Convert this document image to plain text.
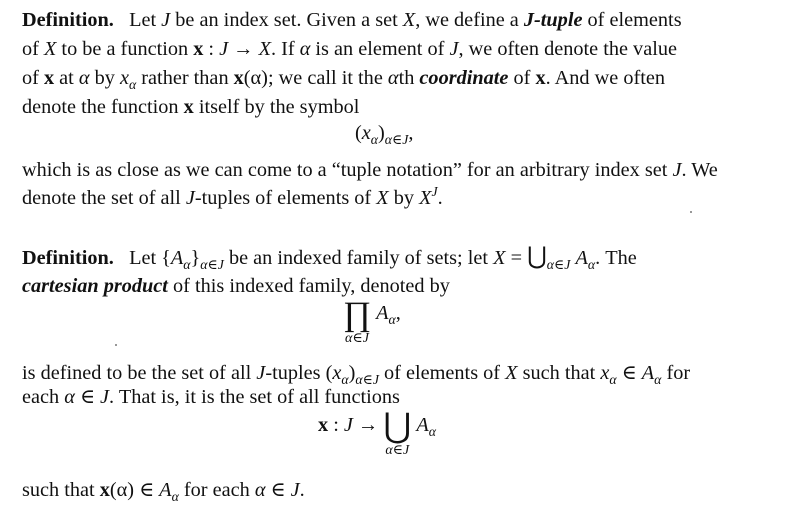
Definition. Let J be an index set. Given a set X, we define a J-tuple of elements
of X to be a function x : J → X. If α is an element of J, we often denote the value
of x at α by $x_\alpha$ rather than x(α); we call it the αth coordinate of x. And we often
denote the function x itself by the symbol
$(x_\alpha)_{\alpha\in J}$,
which is as close as we can come to a “tuple notation” for an arbitrary index set J. We
denote the set of all J-tuples of elements of X by $X^J$.
Definition. Let $\{A_\alpha\}_{\alpha\in J}$ be an indexed family of sets; let $X = ⋃_{\alpha\in J}$ $A_\alpha$. The
cartesian product of this indexed family, denoted by
∏
α∈J
$A_\alpha$,
is defined to be the set of all J-tuples $(x_\alpha)_{\alpha\in J}$ of elements of X such that $x_\alpha$ ∈ $A_\alpha$ for
each α ∈ J. That is, it is the set of all functions
x : J → ⋃
α∈J
$A_\alpha$
such that x(α) ∈ $A_\alpha$ for each α ∈ J.
